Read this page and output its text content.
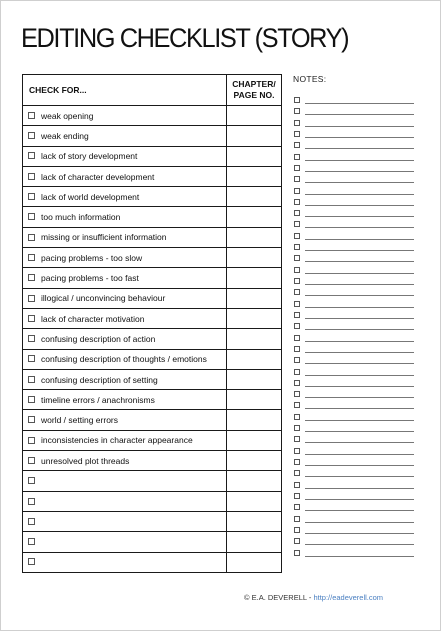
EDITING CHECKLIST (STORY)
CHECK FOR...	CHAPTER/
PAGE NO.
weak opening	
weak ending	
lack of story development	
lack of character development	
lack of world development	
too much information	
missing or insufficient information	
pacing problems - too slow	
pacing problems - too fast	
illogical / unconvincing behaviour	
lack of character motivation	
confusing description of action	
confusing description of thoughts / emotions	
confusing description of setting	
timeline errors / anachronisms	
world / setting errors	
inconsistencies in character appearance	
unresolved plot threads	

NOTES:
© E.A. DEVERELL - http://eadeverell.com
